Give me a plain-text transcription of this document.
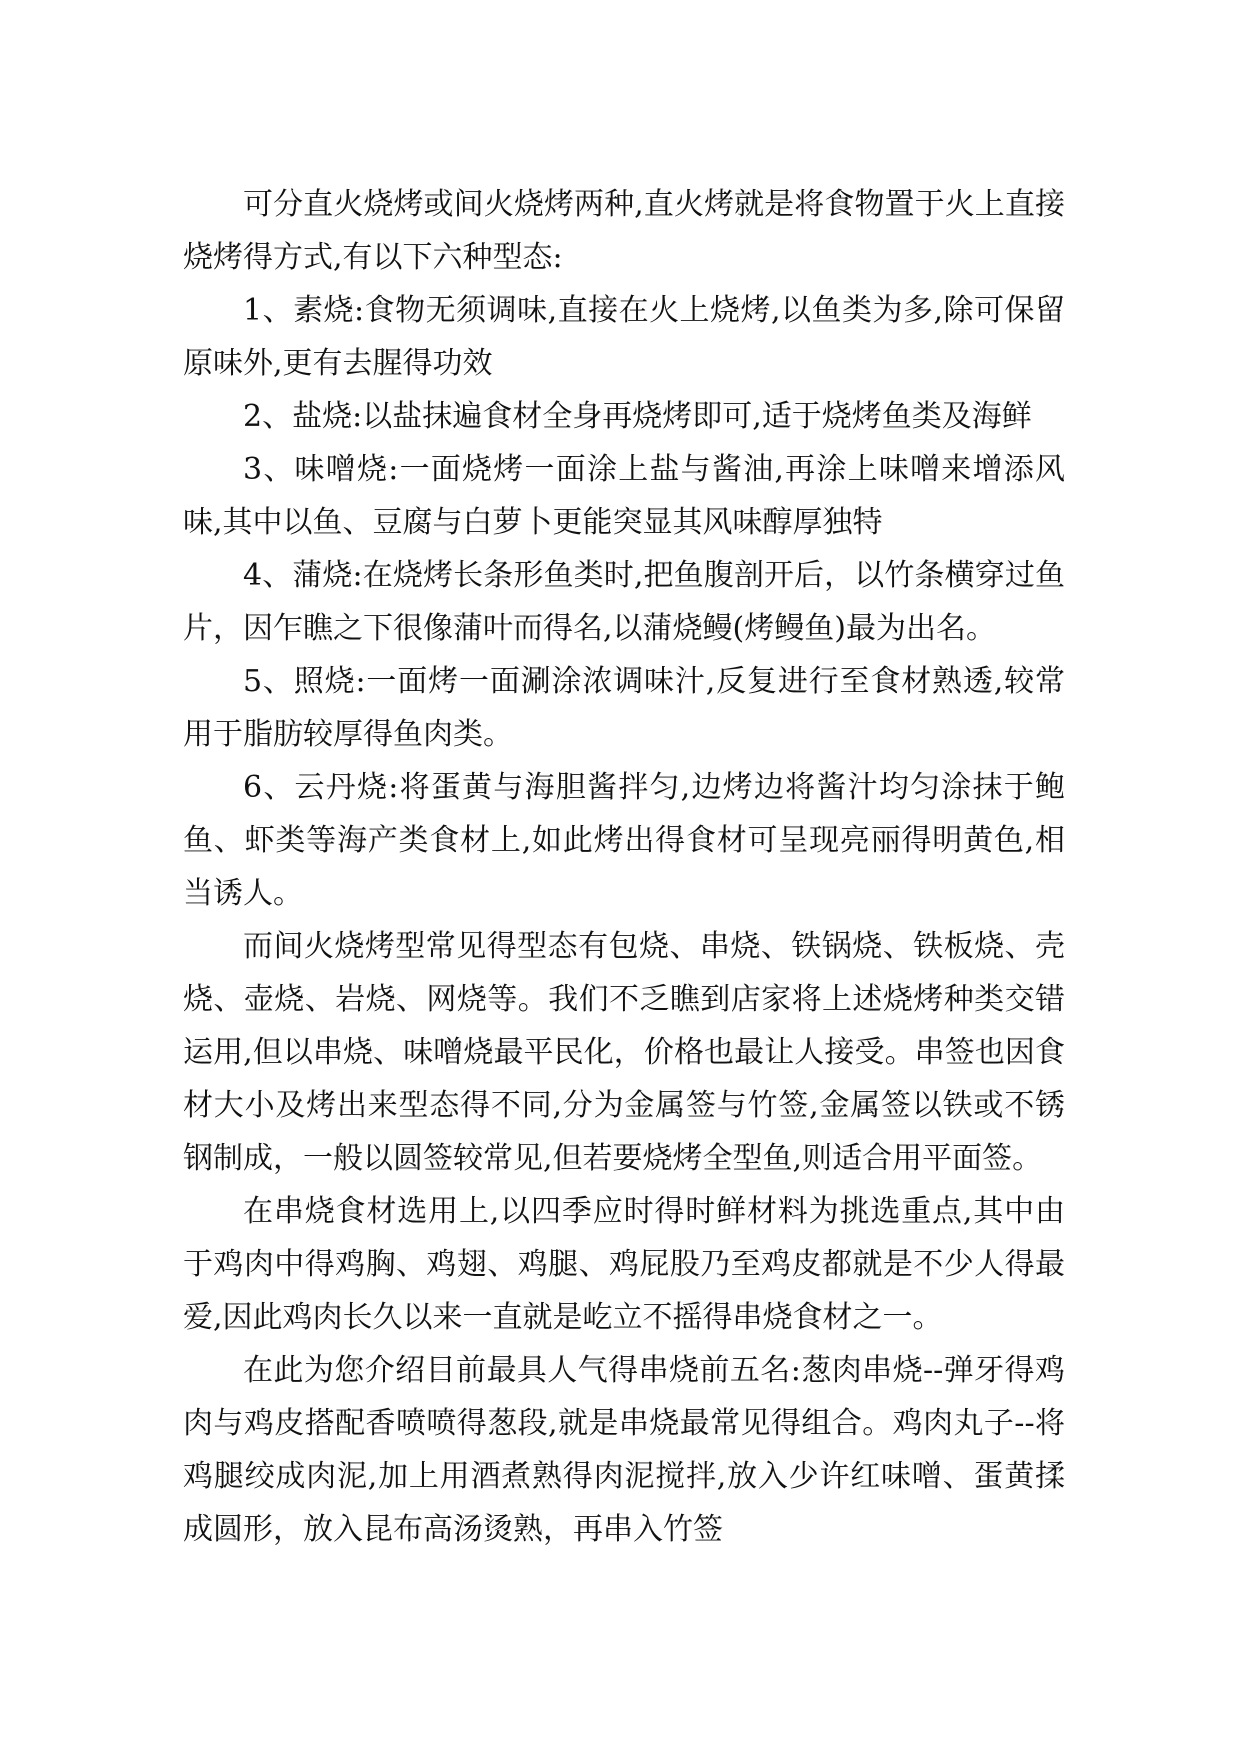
可分直火烧烤或间火烧烤两种,直火烤就是将食物置于火上直接烧烤得方式,有以下六种型态:

1、素烧:食物无须调味,直接在火上烧烤,以鱼类为多,除可保留原味外,更有去腥得功效

2、盐烧:以盐抹遍食材全身再烧烤即可,适于烧烤鱼类及海鲜

3、味噌烧:一面烧烤一面涂上盐与酱油,再涂上味噌来增添风味,其中以鱼、豆腐与白萝卜更能突显其风味醇厚独特

4、蒲烧:在烧烤长条形鱼类时,把鱼腹剖开后，以竹条横穿过鱼片，因乍瞧之下很像蒲叶而得名,以蒲烧鳗(烤鳗鱼)最为出名。

5、照烧:一面烤一面涮涂浓调味汁,反复进行至食材熟透,较常用于脂肪较厚得鱼肉类。

6、云丹烧:将蛋黄与海胆酱拌匀,边烤边将酱汁均匀涂抹于鲍鱼、虾类等海产类食材上,如此烤出得食材可呈现亮丽得明黄色,相当诱人。

而间火烧烤型常见得型态有包烧、串烧、铁锅烧、铁板烧、壳烧、壶烧、岩烧、网烧等。我们不乏瞧到店家将上述烧烤种类交错运用,但以串烧、味噌烧最平民化，价格也最让人接受。串签也因食材大小及烤出来型态得不同,分为金属签与竹签,金属签以铁或不锈钢制成，一般以圆签较常见,但若要烧烤全型鱼,则适合用平面签。

在串烧食材选用上,以四季应时得时鲜材料为挑选重点,其中由于鸡肉中得鸡胸、鸡翅、鸡腿、鸡屁股乃至鸡皮都就是不少人得最爱,因此鸡肉长久以来一直就是屹立不摇得串烧食材之一。

在此为您介绍目前最具人气得串烧前五名:葱肉串烧--弹牙得鸡肉与鸡皮搭配香喷喷得葱段,就是串烧最常见得组合。鸡肉丸子--将鸡腿绞成肉泥,加上用酒煮熟得肉泥搅拌,放入少许红味噌、蛋黄揉成圆形，放入昆布高汤烫熟，再串入竹签
